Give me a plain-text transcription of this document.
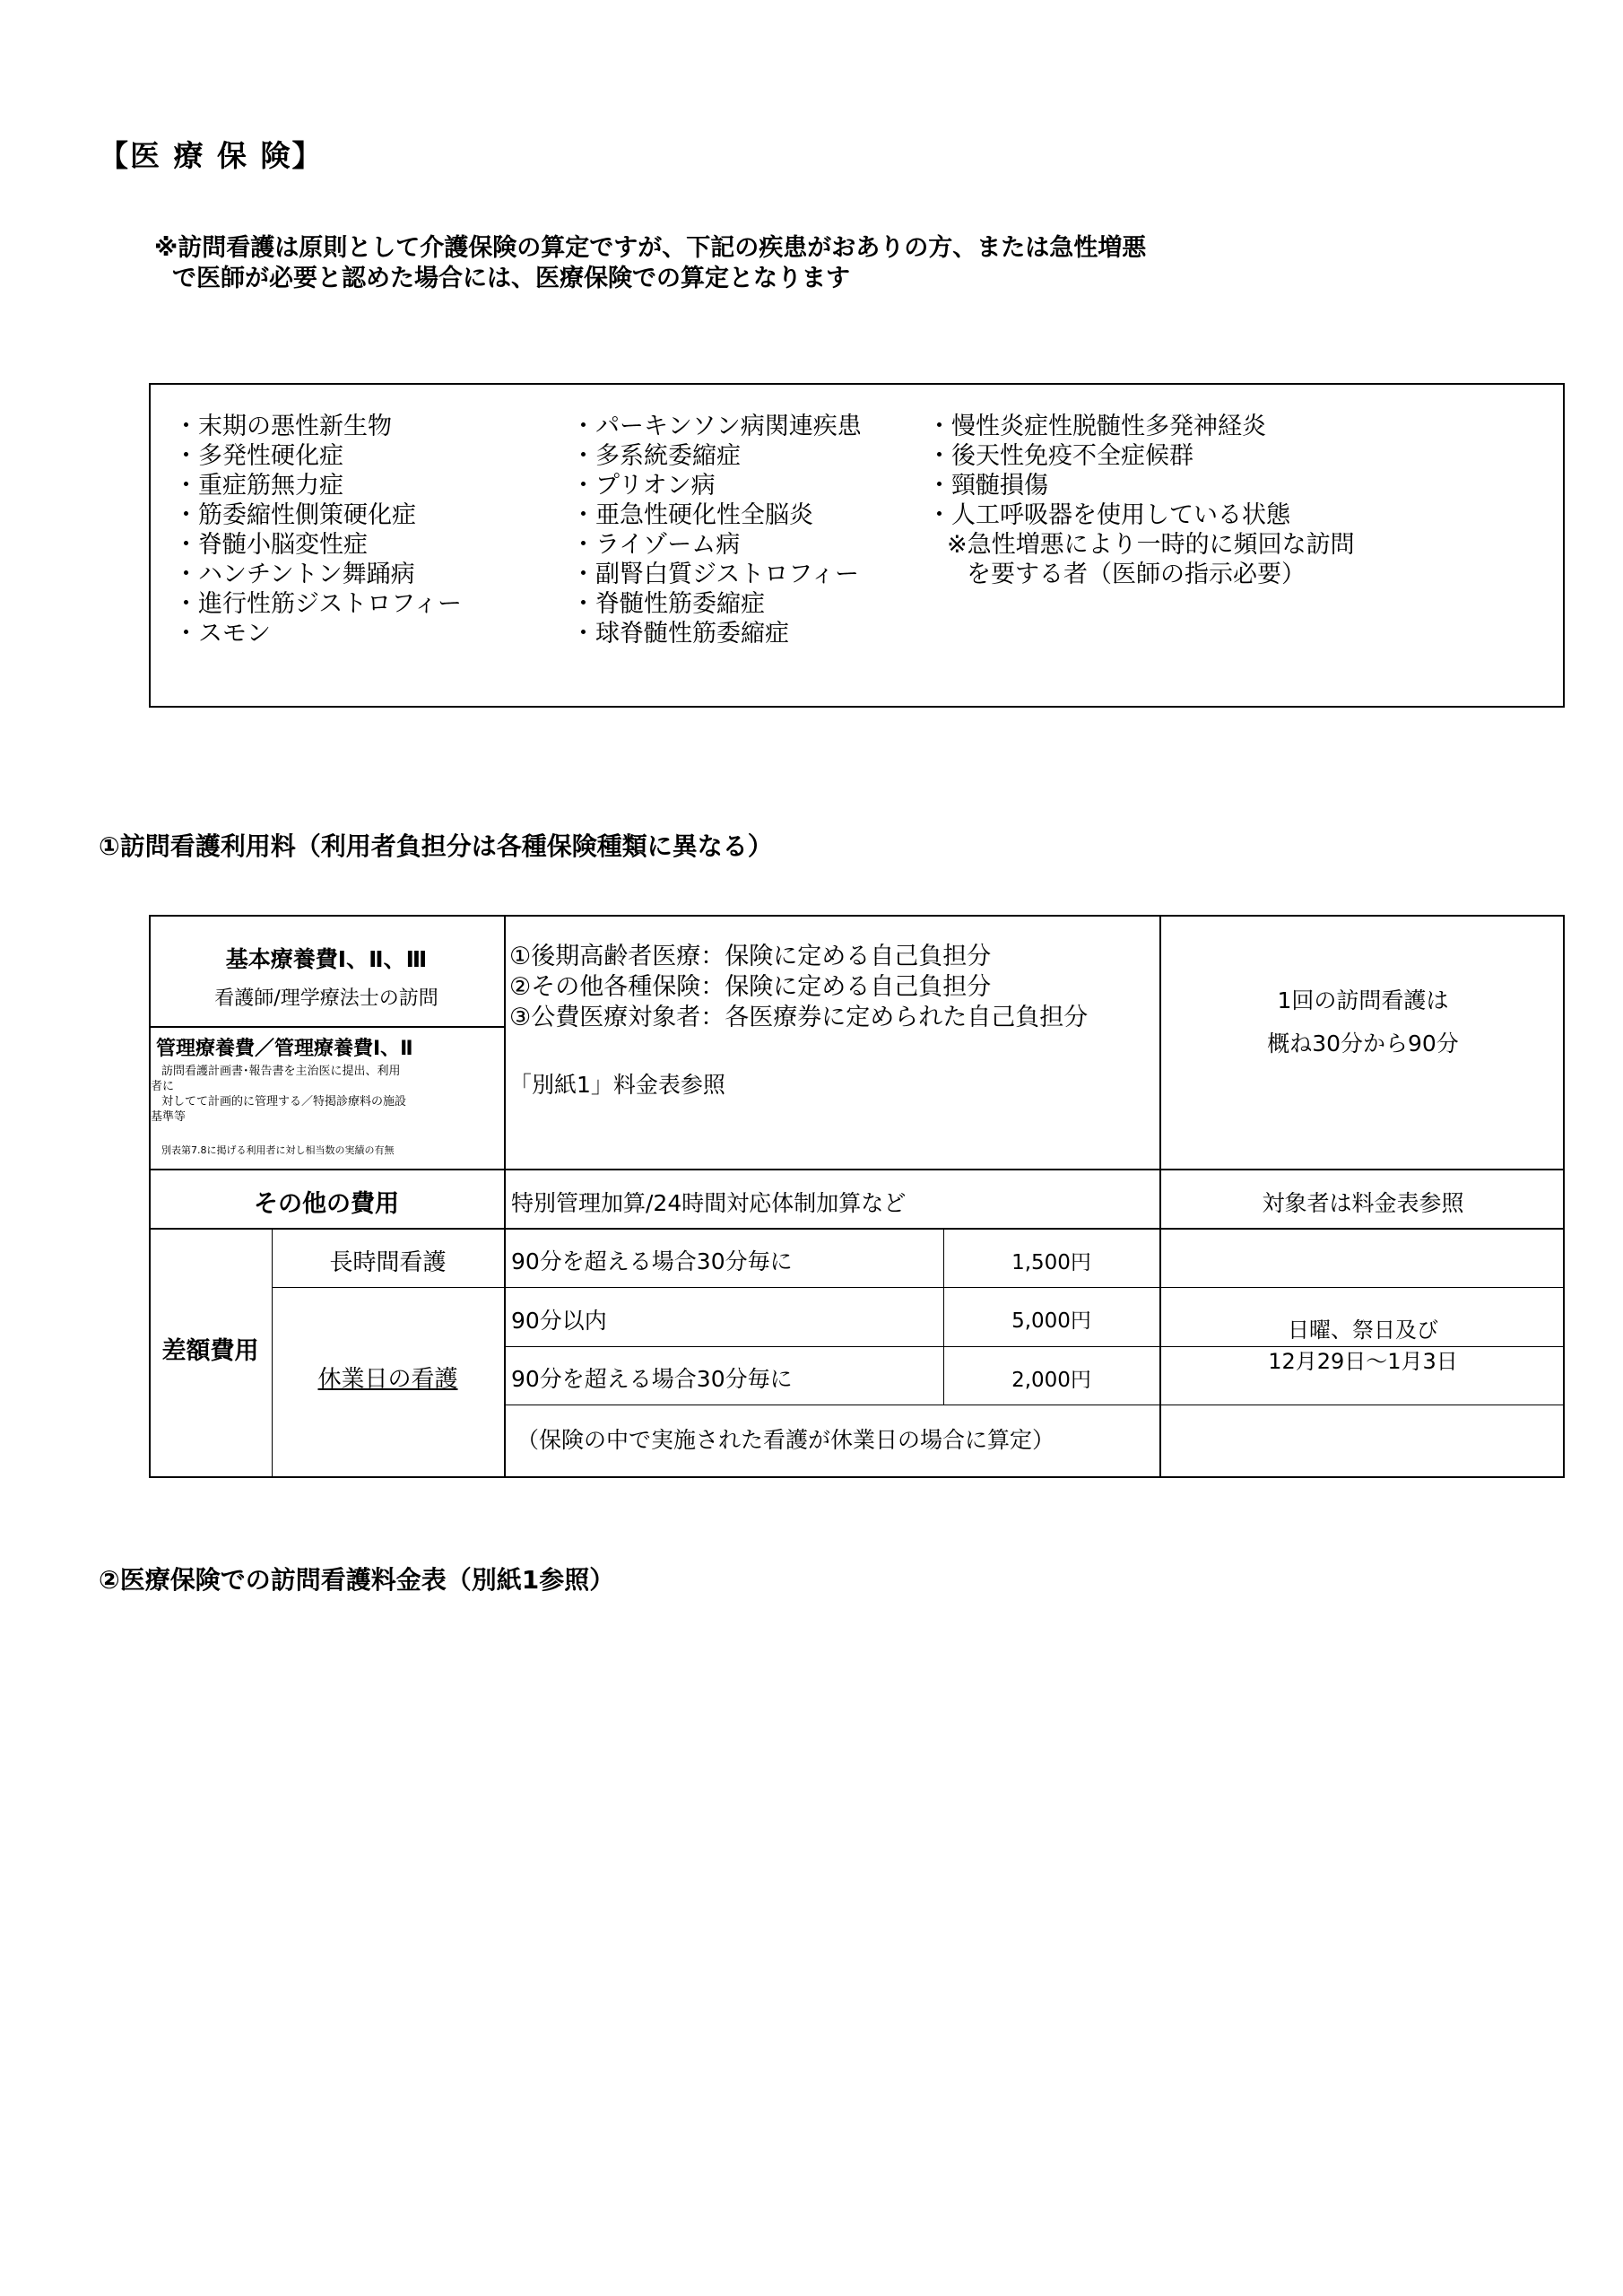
【医 療 保 険】
※訪問看護は原則として介護保険の算定ですが、下記の疾患がおありの方、または急性増悪
で医師が必要と認めた場合には、医療保険での算定となります
・末期の悪性新生物
・多発性硬化症
・重症筋無力症
・筋委縮性側策硬化症
・脊髄小脳変性症
・ハンチントン舞踊病
・進行性筋ジストロフィー
・スモン
・パーキンソン病関連疾患
・多系統委縮症
・プリオン病
・亜急性硬化性全脳炎
・ライゾーム病
・副腎白質ジストロフィー
・脊髄性筋委縮症
・球脊髄性筋委縮症
・慢性炎症性脱髄性多発神経炎
・後天性免疫不全症候群
・頸髄損傷
・人工呼吸器を使用している状態
※急性増悪により一時的に頻回な訪問
を要する者（医師の指示必要）
①訪問看護利用料（利用者負担分は各種保険種類に異なる）
基本療養費Ⅰ、Ⅱ、Ⅲ
看護師/理学療法士の訪問
管理療養費／管理療養費Ⅰ、Ⅱ
訪問看護計画書･報告書を主治医に提出、利用
者に
対してて計画的に管理する／特掲診療料の施設
基準等
別表第7.8に掲げる利用者に対し相当数の実績の有無
①後期高齢者医療：保険に定める自己負担分
②その他各種保険：保険に定める自己負担分
③公費医療対象者：各医療券に定められた自己負担分
「別紙1」料金表参照
1回の訪問看護は
概ね30分から90分
その他の費用	特別管理加算/24時間対応体制加算など	対象者は料金表参照
差額費用
長時間看護	90分を超える場合30分毎に	1,500円
休業日の看護
90分以内	5,000円
90分を超える場合30分毎に	2,000円
日曜、祭日及び
12月29日～1月3日
（保険の中で実施された看護が休業日の場合に算定）
②医療保険での訪問看護料金表（別紙1参照）
